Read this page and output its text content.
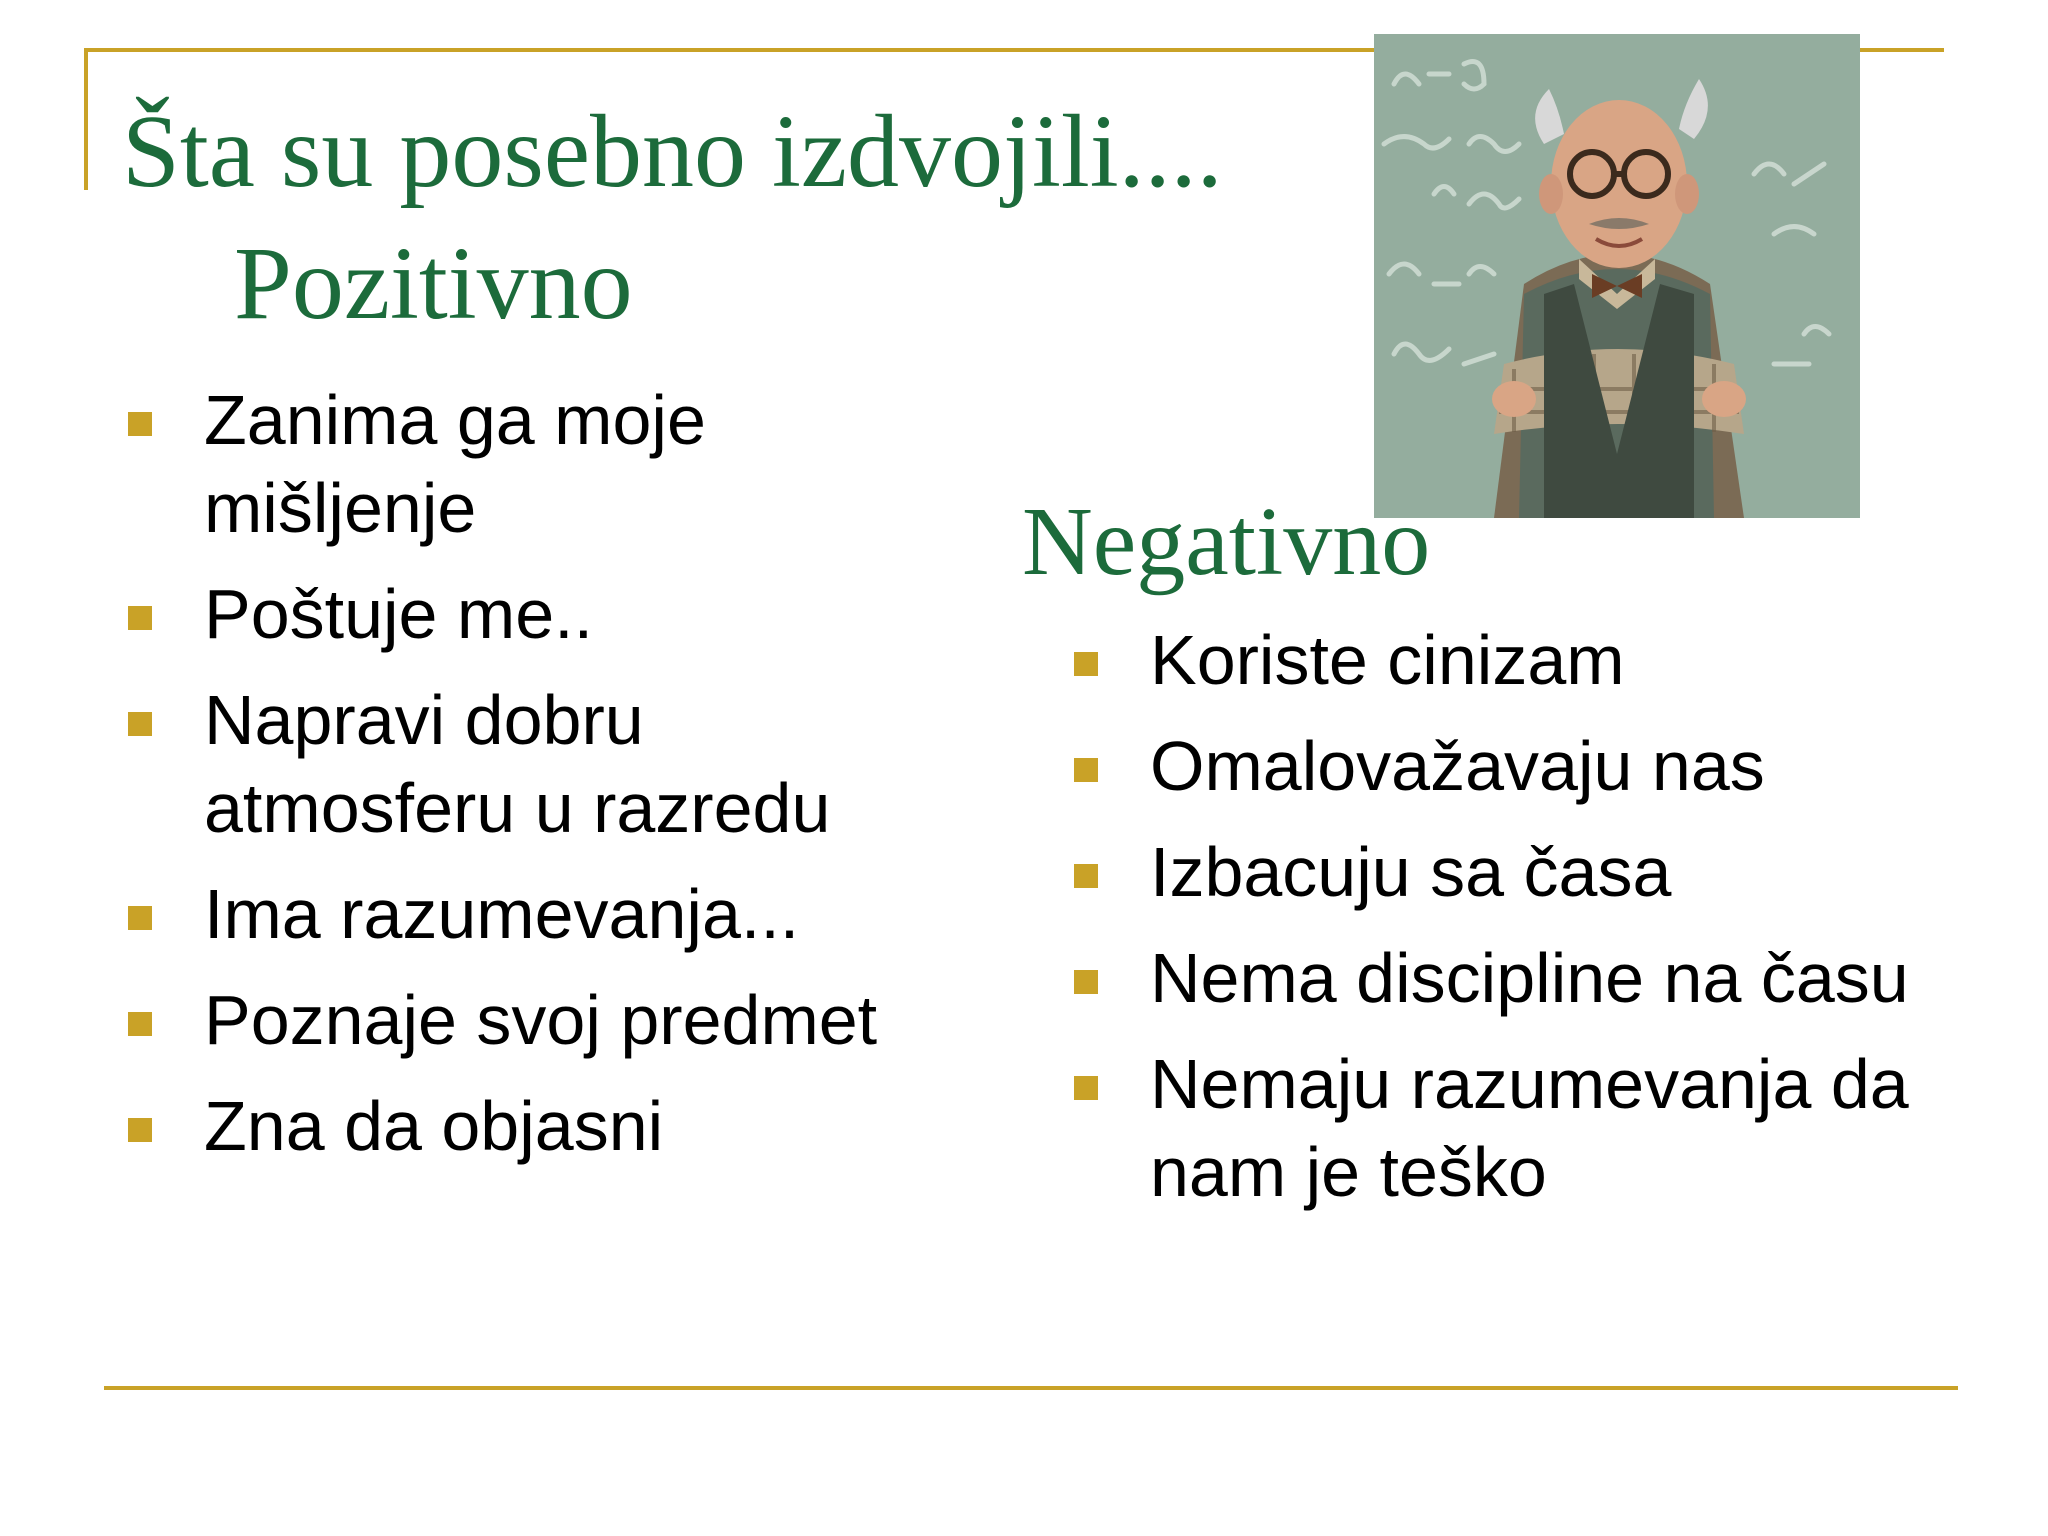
Šta su posebno izdvojili....
Pozitivno
Zanima ga moje mišljenje
Poštuje me..
Napravi dobru atmosferu u razredu
Ima razumevanja...
Poznaje svoj predmet
Zna da objasni
Negativno
Koriste cinizam
Omalovažavaju nas
Izbacuju sa časa
Nema discipline na času
Nemaju razumevanja da nam je teško
